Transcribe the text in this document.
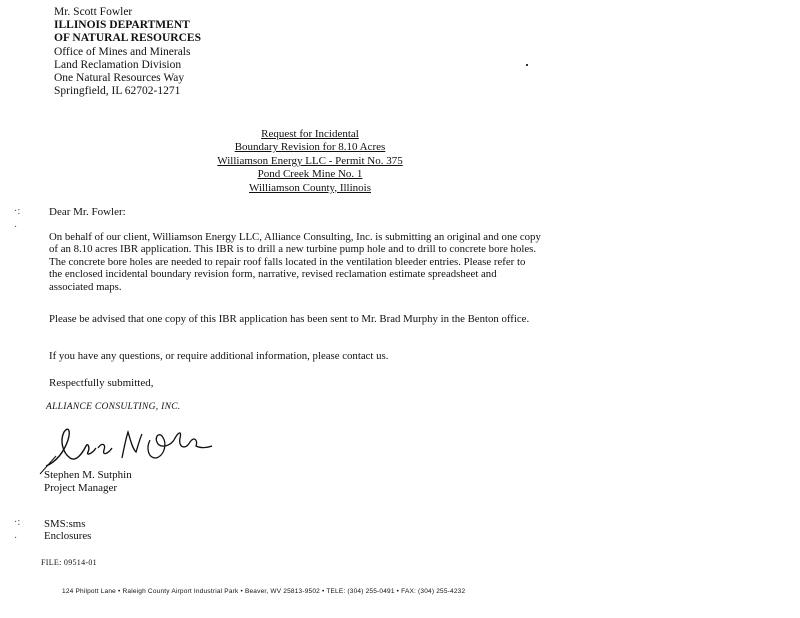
Mr. Scott Fowler
ILLINOIS DEPARTMENT
OF NATURAL RESOURCES
Office of Mines and Minerals
Land Reclamation Division
One Natural Resources Way
Springfield, IL 62702-1271
Request for Incidental
Boundary Revision for 8.10 Acres
Williamson Energy LLC - Permit No. 375
Pond Creek Mine No. 1
Williamson County, Illinois
·:
·
Dear Mr. Fowler:
On behalf of our client, Williamson Energy LLC, Alliance Consulting, Inc. is submitting an original and one copy of an 8.10 acres IBR application. This IBR is to drill a new turbine pump hole and to drill to concrete bore holes. The concrete bore holes are needed to repair roof falls located in the ventilation bleeder entries. Please refer to the enclosed incidental boundary revision form, narrative, revised reclamation estimate spreadsheet and associated maps.
Please be advised that one copy of this IBR application has been sent to Mr. Brad Murphy in the Benton office.
If you have any questions, or require additional information, please contact us.
Respectfully submitted,
ALLIANCE CONSULTING, INC.
Stephen M. Sutphin
Project Manager
·:
·
SMS:sms
Enclosures
FILE: 09514-01
124 Philpott Lane • Raleigh County Airport Industrial Park • Beaver, WV 25813-9502 • TELE: (304) 255-0491 • FAX: (304) 255-4232
